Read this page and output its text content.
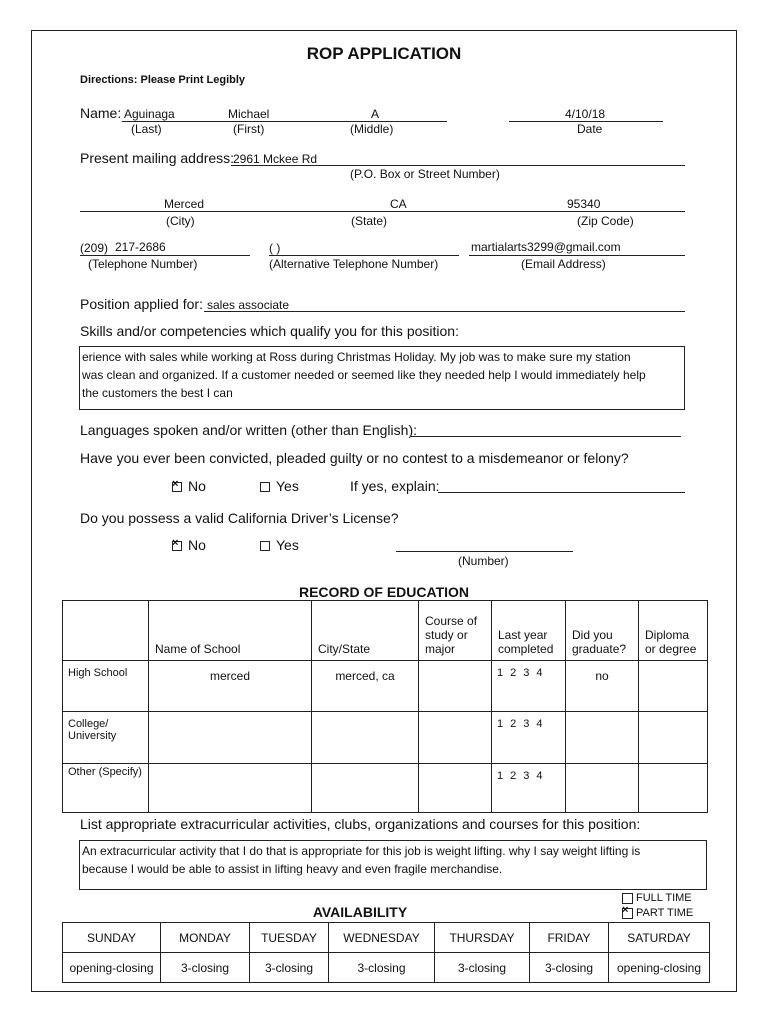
ROP APPLICATION
Directions: Please Print Legibly
Name: Aguinaga	Michael	A	4/10/18
(Last)	(First)	(Middle)	Date
Present mailing address:
2961 Mckee Rd
(P.O. Box or Street Number)
Merced	CA	95340
(City)	(State)	(Zip Code)
(209) 217-2686	( )	martialarts3299@gmail.com
(Telephone Number)	(Alternative Telephone Number)	(Email Address)
Position applied for: sales associate
Skills and/or competencies which qualify you for this position:
erience with sales while working at Ross during Christmas Holiday. My job was to make sure my station
was clean and organized. If a customer needed or seemed like they needed help I would immediately help
the customers the best I can
Languages spoken and/or written (other than English):
Have you ever been convicted, pleaded guilty or no contest to a misdemeanor or felony?
×No	Yes	If yes, explain:
Do you possess a valid California Driver’s License?
×No	Yes
(Number)
RECORD OF EDUCATION
	Name of School	City/State	Course of study or major	Last year completed	Did you graduate?	Diploma or degree
High School	merced	merced, ca		1 2 3 4	no	
College/ University				1 2 3 4		
Other (Specify)				1 2 3 4		
List appropriate extracurricular activities, clubs, organizations and courses for this position:
An extracurricular activity that I do that is appropriate for this job is weight lifting. why I say weight lifting is
because I would be able to assist in lifting heavy and even fragile merchandise.
AVAILABILITY
FULL TIME
×PART TIME
SUNDAY	MONDAY	TUESDAY	WEDNESDAY	THURSDAY	FRIDAY	SATURDAY
opening-closing	3-closing	3-closing	3-closing	3-closing	3-closing	opening-closing
